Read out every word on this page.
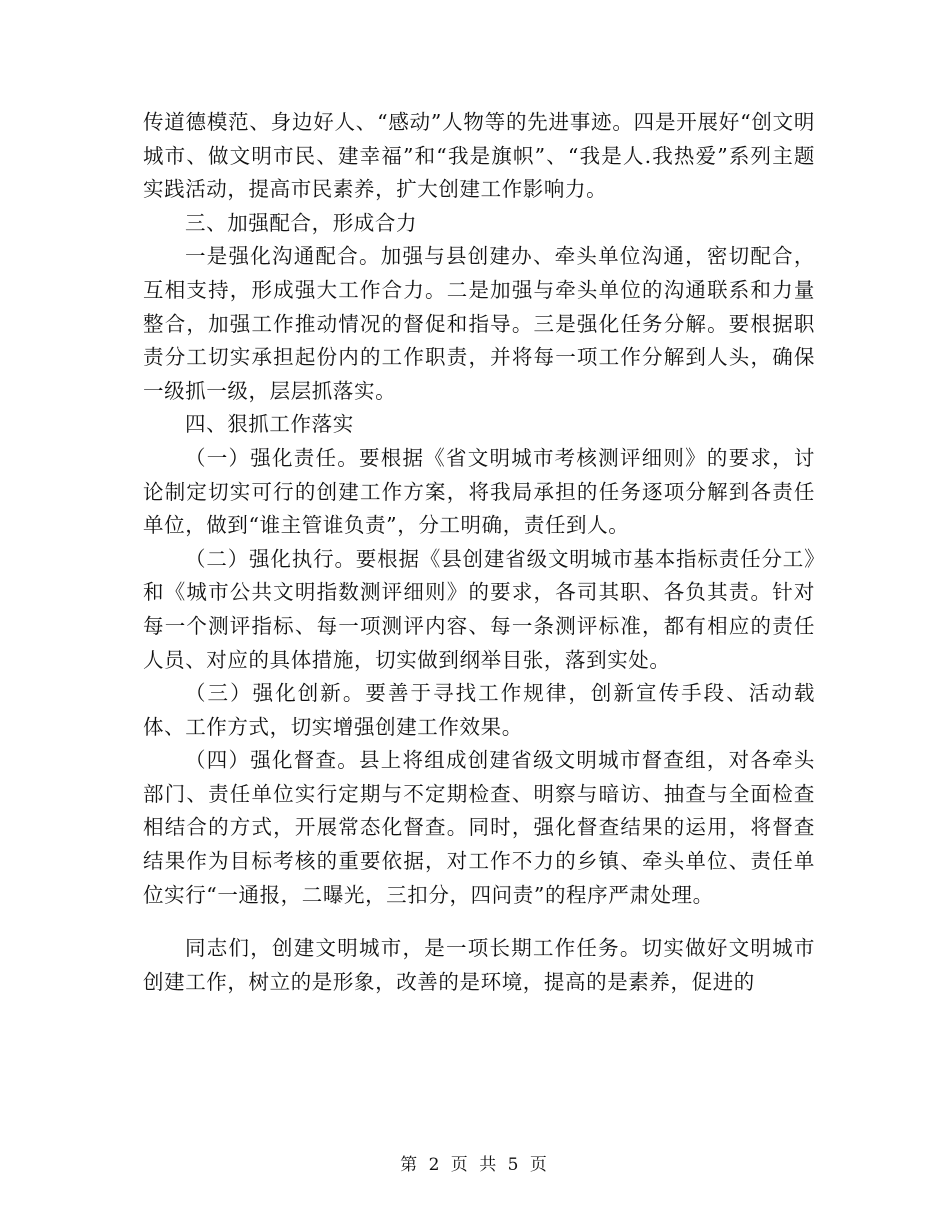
传道德模范、身边好人、“感动”人物等的先进事迹。四是开展好“创文明城市、做文明市民、建幸福”和“我是旗帜”、“我是人.我热爱”系列主题实践活动，提高市民素养，扩大创建工作影响力。

三、加强配合，形成合力

一是强化沟通配合。加强与县创建办、牵头单位沟通，密切配合，互相支持，形成强大工作合力。二是加强与牵头单位的沟通联系和力量整合，加强工作推动情况的督促和指导。三是强化任务分解。要根据职责分工切实承担起份内的工作职责，并将每一项工作分解到人头，确保一级抓一级，层层抓落实。

四、狠抓工作落实

（一）强化责任。要根据《省文明城市考核测评细则》的要求，讨论制定切实可行的创建工作方案，将我局承担的任务逐项分解到各责任单位，做到“谁主管谁负责”，分工明确，责任到人。

（二）强化执行。要根据《县创建省级文明城市基本指标责任分工》和《城市公共文明指数测评细则》的要求，各司其职、各负其责。针对每一个测评指标、每一项测评内容、每一条测评标准，都有相应的责任人员、对应的具体措施，切实做到纲举目张，落到实处。

（三）强化创新。要善于寻找工作规律，创新宣传手段、活动载体、工作方式，切实增强创建工作效果。

（四）强化督查。县上将组成创建省级文明城市督查组，对各牵头部门、责任单位实行定期与不定期检查、明察与暗访、抽查与全面检查相结合的方式，开展常态化督查。同时，强化督查结果的运用，将督查结果作为目标考核的重要依据，对工作不力的乡镇、牵头单位、责任单位实行“一通报，二曝光，三扣分，四问责”的程序严肃处理。

同志们，创建文明城市，是一项长期工作任务。切实做好文明城市创建工作，树立的是形象，改善的是环境，提高的是素养，促进的

第 2 页 共 5 页
